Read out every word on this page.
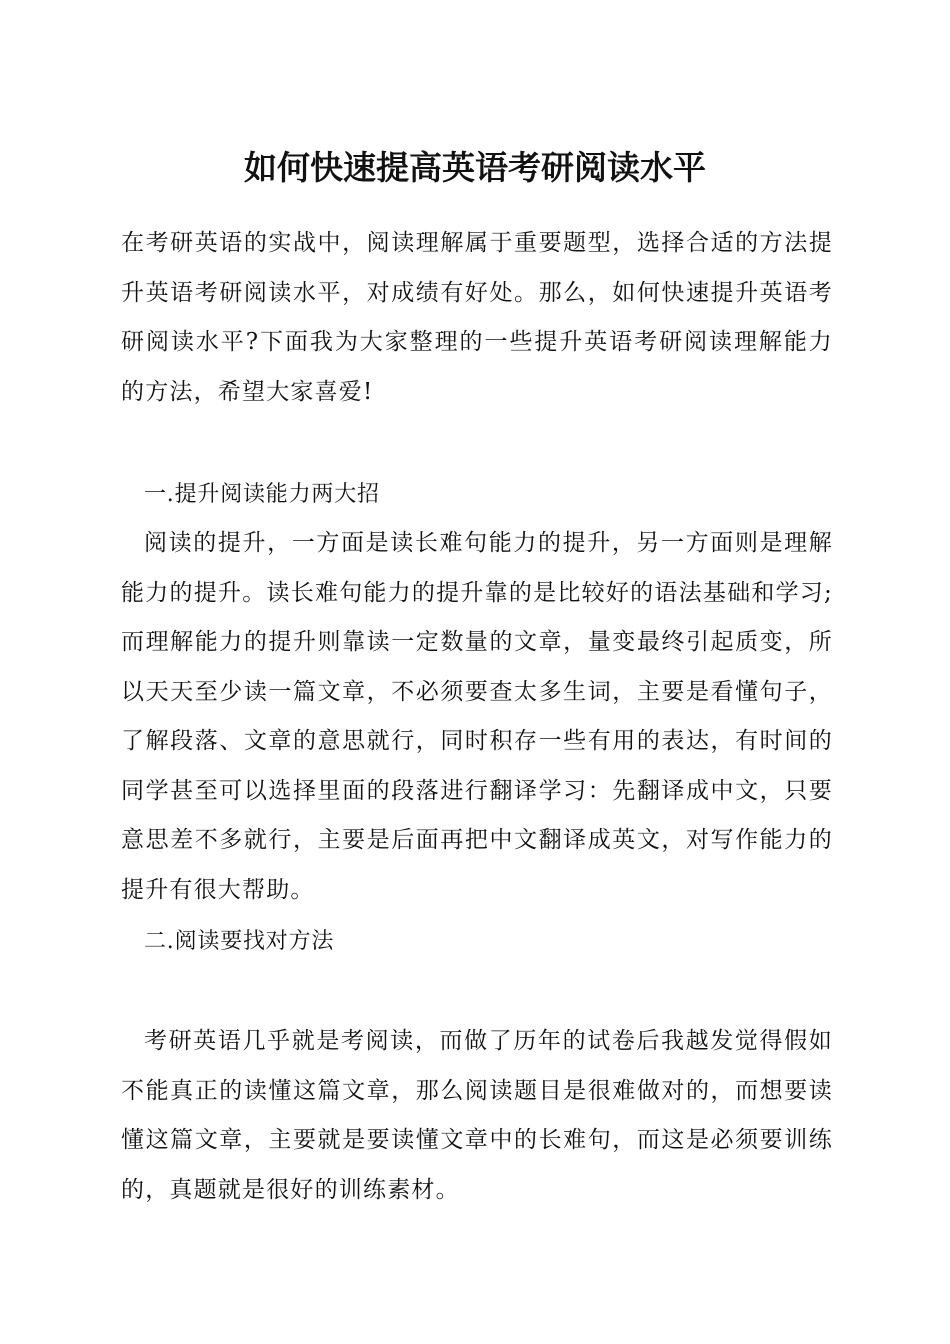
如何快速提高英语考研阅读水平

在考研英语的实战中，阅读理解属于重要题型，选择合适的方法提升英语考研阅读水平，对成绩有好处。那么，如何快速提升英语考研阅读水平?下面我为大家整理的一些提升英语考研阅读理解能力的方法，希望大家喜爱!

一.提升阅读能力两大招

阅读的提升，一方面是读长难句能力的提升，另一方面则是理解能力的提升。读长难句能力的提升靠的是比较好的语法基础和学习;而理解能力的提升则靠读一定数量的文章，量变最终引起质变，所以天天至少读一篇文章，不必须要查太多生词，主要是看懂句子，了解段落、文章的意思就行，同时积存一些有用的表达，有时间的同学甚至可以选择里面的段落进行翻译学习：先翻译成中文，只要意思差不多就行，主要是后面再把中文翻译成英文，对写作能力的提升有很大帮助。

二.阅读要找对方法

考研英语几乎就是考阅读，而做了历年的试卷后我越发觉得假如不能真正的读懂这篇文章，那么阅读题目是很难做对的，而想要读懂这篇文章，主要就是要读懂文章中的长难句，而这是必须要训练的，真题就是很好的训练素材。
